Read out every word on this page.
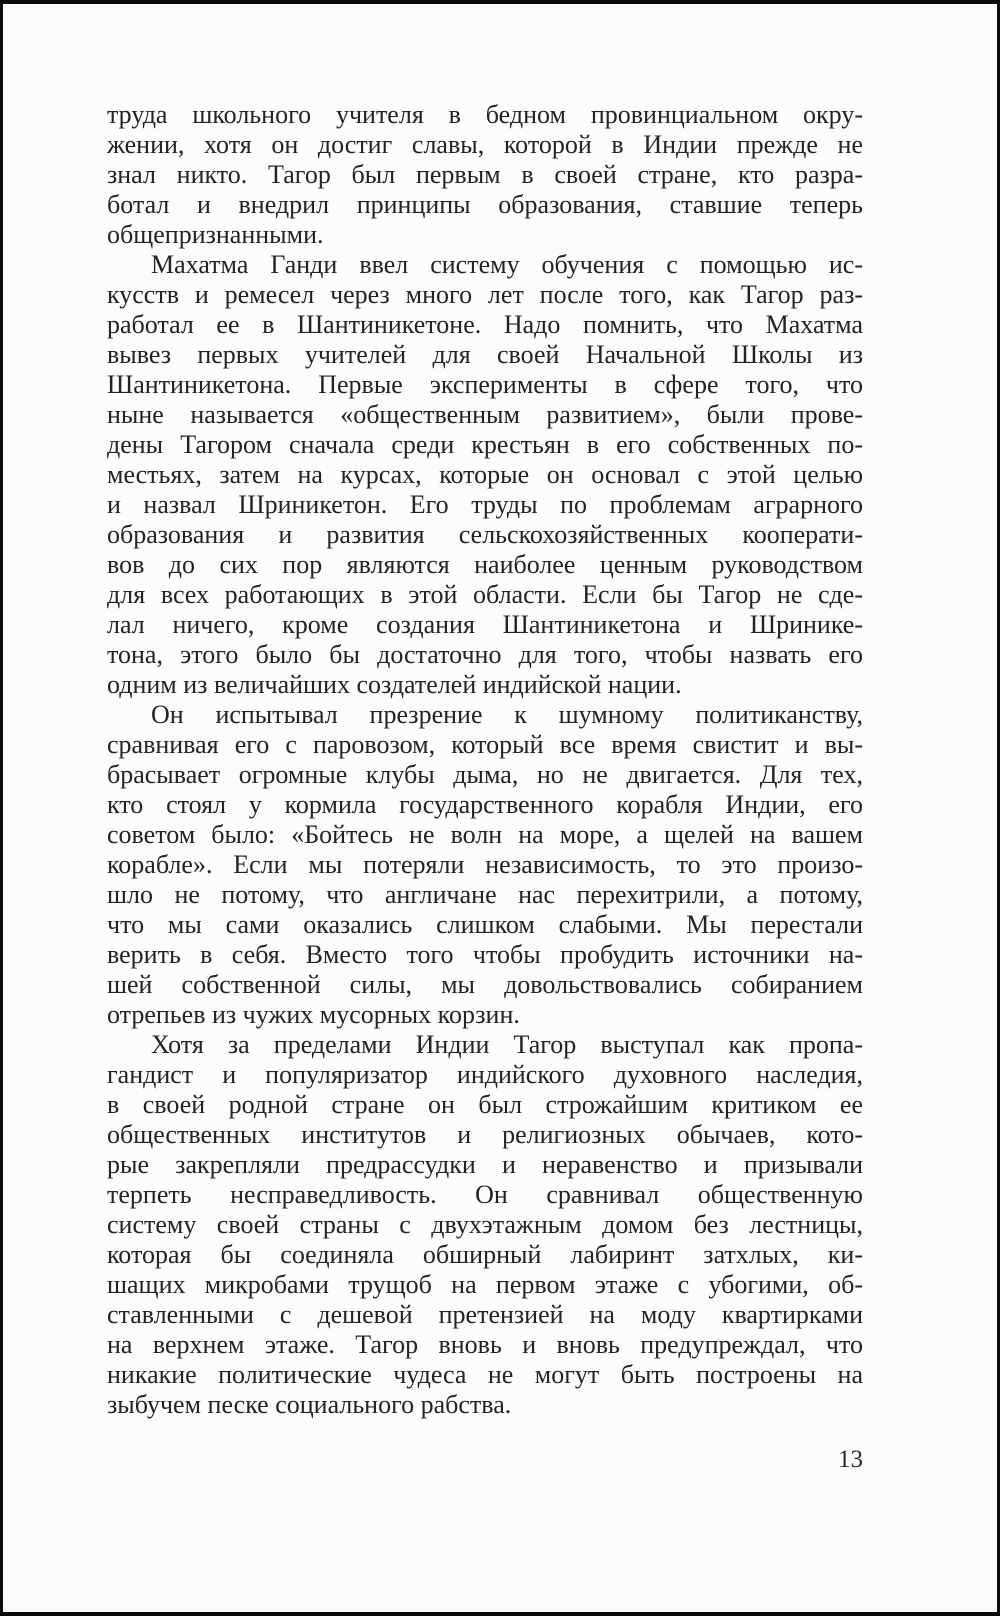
труда школьного учителя в бедном провинциальном окру-
жении, хотя он достиг славы, которой в Индии прежде не
знал никто. Тагор был первым в своей стране, кто разра-
ботал и внедрил принципы образования, ставшие теперь
общепризнанными.
Махатма Ганди ввел систему обучения с помощью ис-
кусств и ремесел через много лет после того, как Тагор раз-
работал ее в Шантиникетоне. Надо помнить, что Махатма
вывез первых учителей для своей Начальной Школы из
Шантиникетона. Первые эксперименты в сфере того, что
ныне называется «общественным развитием», были прове-
дены Тагором сначала среди крестьян в его собственных по-
местьях, затем на курсах, которые он основал с этой целью
и назвал Шриникетон. Его труды по проблемам аграрного
образования и развития сельскохозяйственных кооперати-
вов до сих пор являются наиболее ценным руководством
для всех работающих в этой области. Если бы Тагор не сде-
лал ничего, кроме создания Шантиникетона и Шринике-
тона, этого было бы достаточно для того, чтобы назвать его
одним из величайших создателей индийской нации.
Он испытывал презрение к шумному политиканству,
сравнивая его с паровозом, который все время свистит и вы-
брасывает огромные клубы дыма, но не двигается. Для тех,
кто стоял у кормила государственного корабля Индии, его
советом было: «Бойтесь не волн на море, а щелей на вашем
корабле». Если мы потеряли независимость, то это произо-
шло не потому, что англичане нас перехитрили, а потому,
что мы сами оказались слишком слабыми. Мы перестали
верить в себя. Вместо того чтобы пробудить источники на-
шей собственной силы, мы довольствовались собиранием
отрепьев из чужих мусорных корзин.
Хотя за пределами Индии Тагор выступал как пропа-
гандист и популяризатор индийского духовного наследия,
в своей родной стране он был строжайшим критиком ее
общественных институтов и религиозных обычаев, кото-
рые закрепляли предрассудки и неравенство и призывали
терпеть несправедливость. Он сравнивал общественную
систему своей страны с двухэтажным домом без лестницы,
которая бы соединяла обширный лабиринт затхлых, ки-
шащих микробами трущоб на первом этаже с убогими, об-
ставленными с дешевой претензией на моду квартирками
на верхнем этаже. Тагор вновь и вновь предупреждал, что
никакие политические чудеса не могут быть построены на
зыбучем песке социального рабства.
13
